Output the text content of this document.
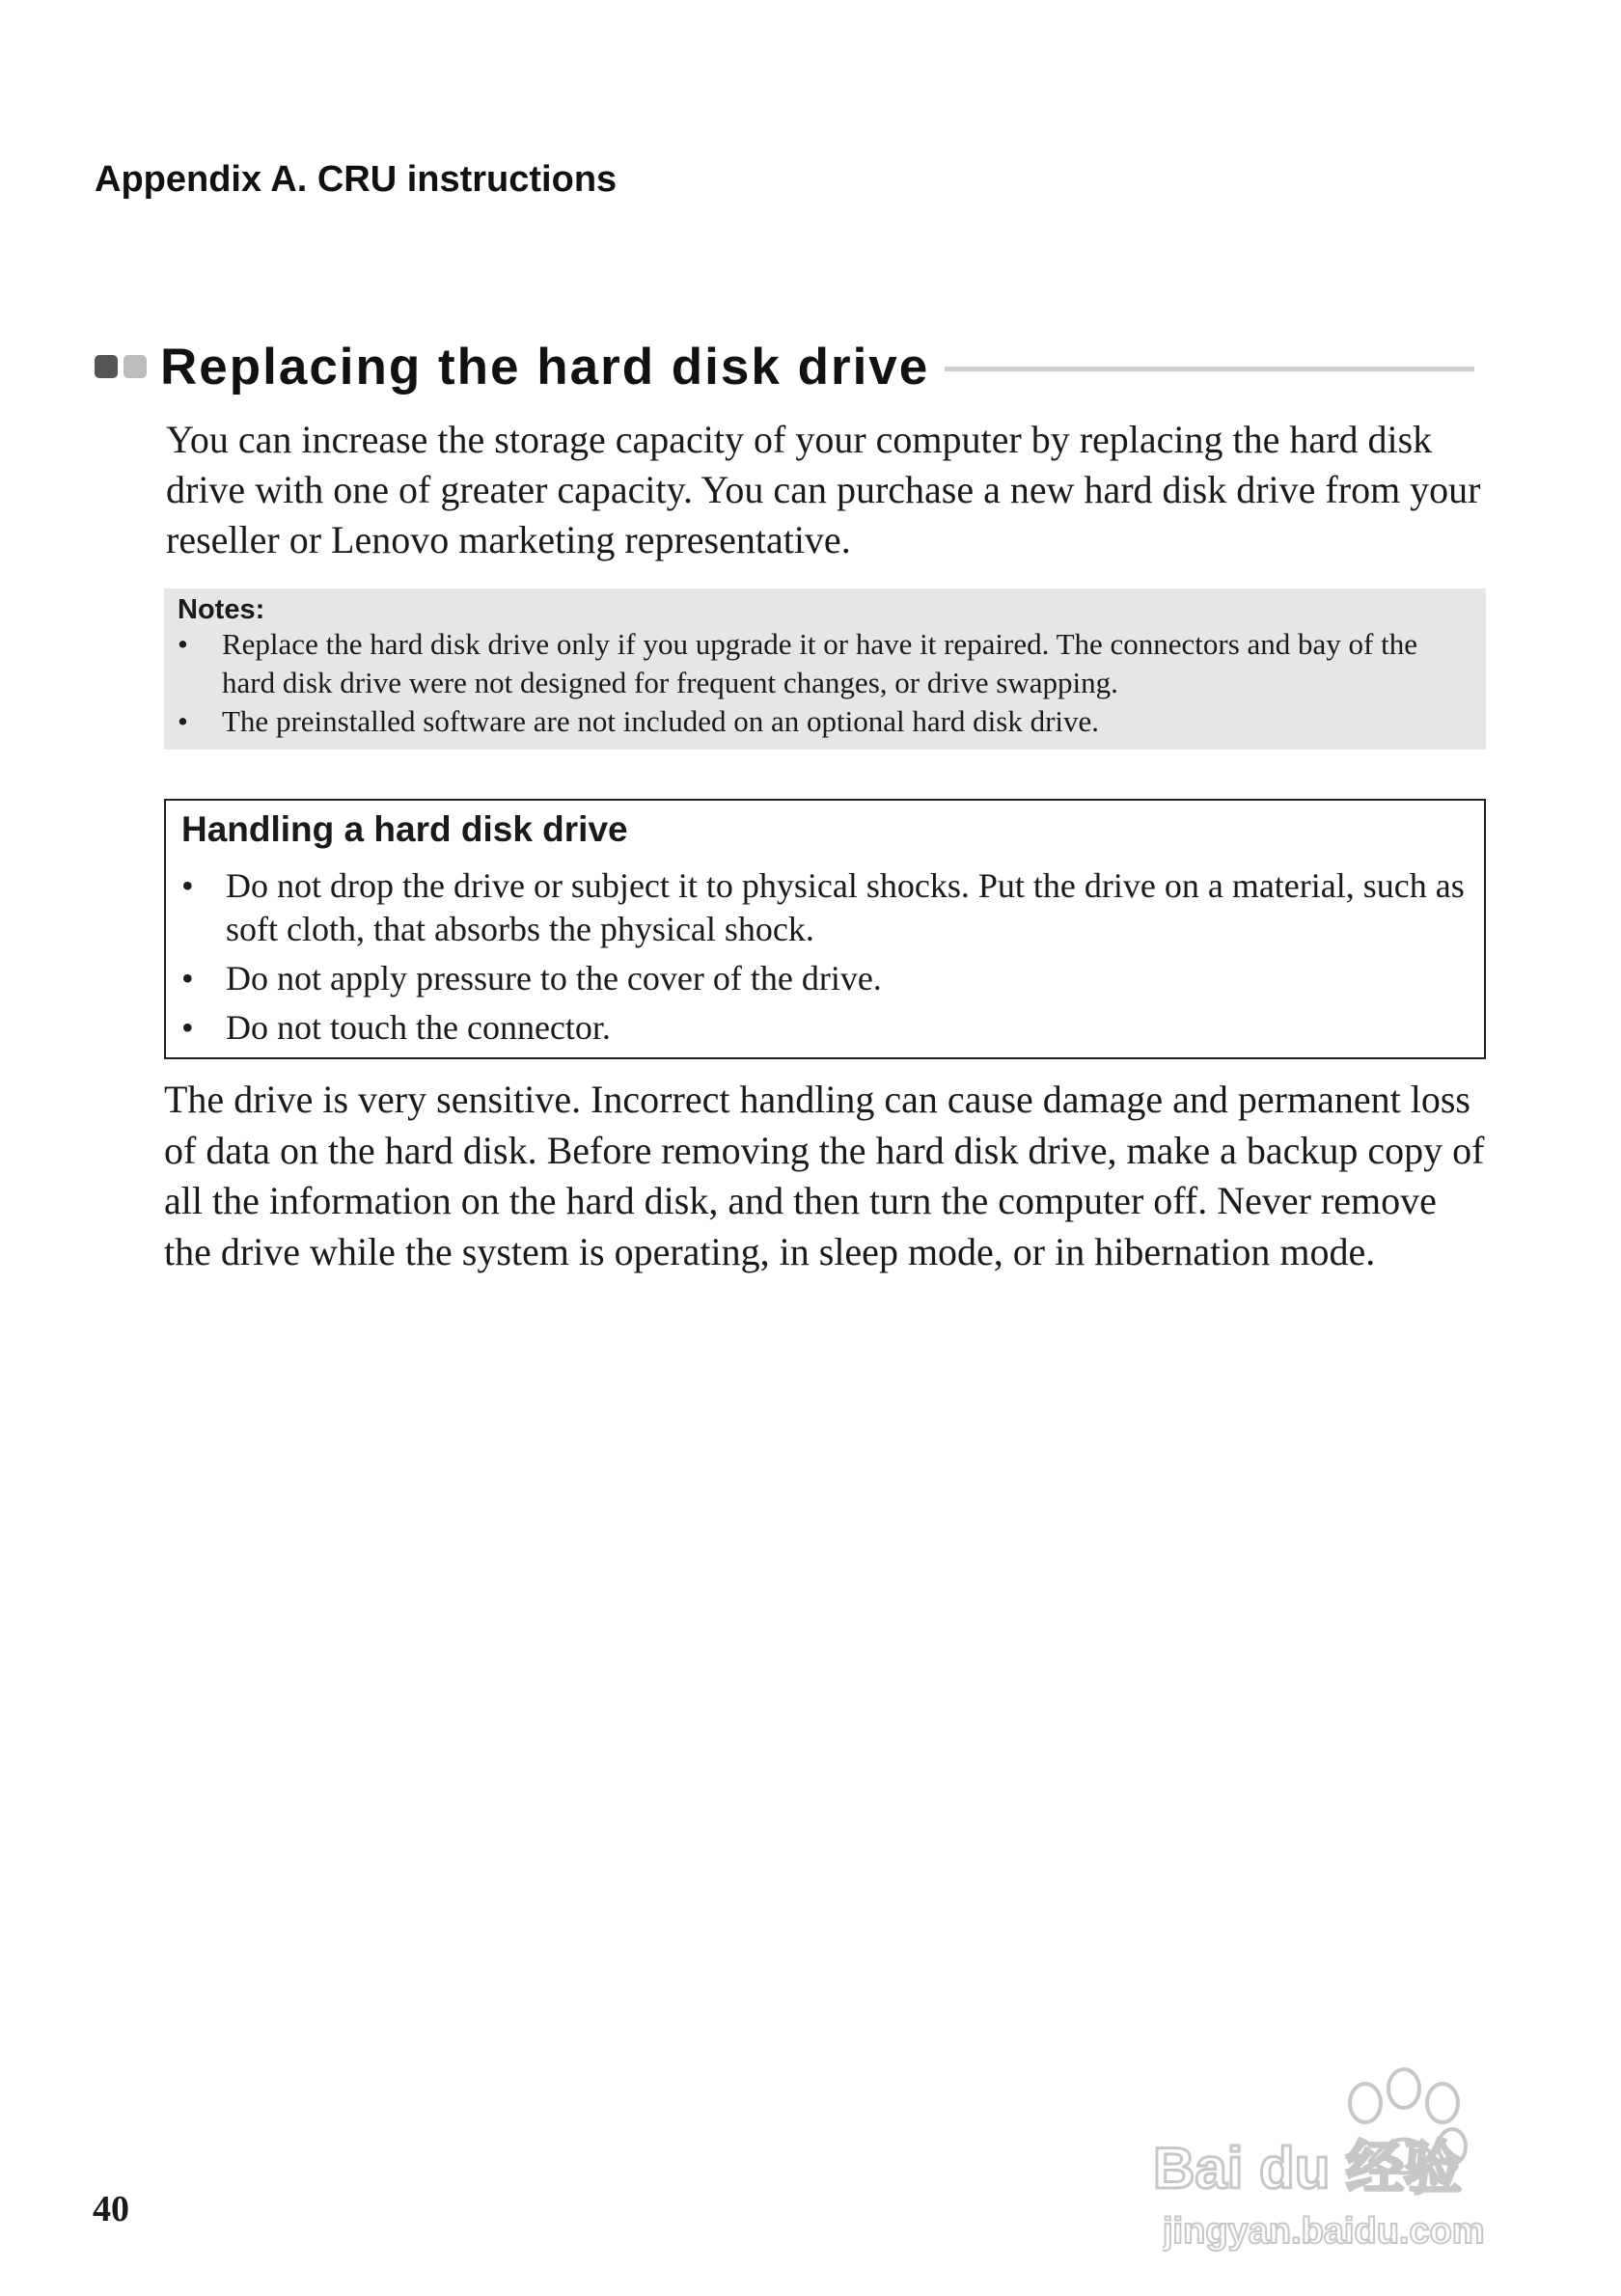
Appendix A. CRU instructions
Replacing the hard disk drive
You can increase the storage capacity of your computer by replacing the hard disk drive with one of greater capacity. You can purchase a new hard disk drive from your reseller or Lenovo marketing representative.
Notes:
• Replace the hard disk drive only if you upgrade it or have it repaired. The connectors and bay of the hard disk drive were not designed for frequent changes, or drive swapping.
• The preinstalled software are not included on an optional hard disk drive.
Handling a hard disk drive
• Do not drop the drive or subject it to physical shocks. Put the drive on a material, such as soft cloth, that absorbs the physical shock.
• Do not apply pressure to the cover of the drive.
• Do not touch the connector.
The drive is very sensitive. Incorrect handling can cause damage and permanent loss of data on the hard disk. Before removing the hard disk drive, make a backup copy of all the information on the hard disk, and then turn the computer off. Never remove the drive while the system is operating, in sleep mode, or in hibernation mode.
40
Bai du 经验
jingyan.baidu.com
